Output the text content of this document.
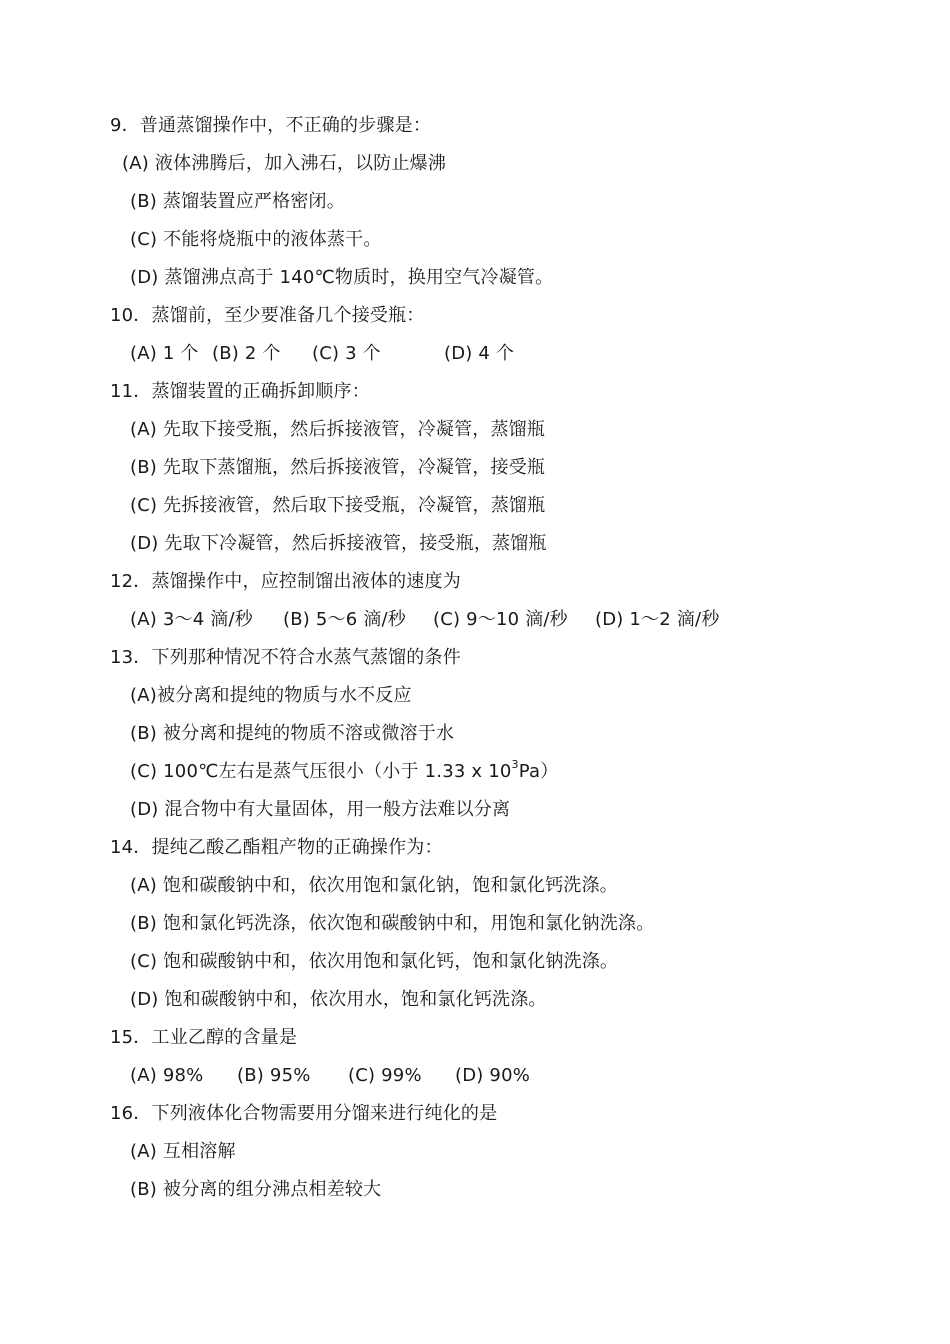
9．普通蒸馏操作中，不正确的步骤是：
(A) 液体沸腾后，加入沸石，以防止爆沸
(B) 蒸馏装置应严格密闭。
(C) 不能将烧瓶中的液体蒸干。
(D) 蒸馏沸点高于 140℃物质时，换用空气冷凝管。
10．蒸馏前，至少要准备几个接受瓶：
(A) 1 个 (B) 2 个 (C) 3 个	(D) 4 个
11．蒸馏装置的正确拆卸顺序：
(A) 先取下接受瓶，然后拆接液管，冷凝管，蒸馏瓶
(B) 先取下蒸馏瓶，然后拆接液管，冷凝管，接受瓶
(C) 先拆接液管，然后取下接受瓶，冷凝管，蒸馏瓶
(D) 先取下冷凝管，然后拆接液管，接受瓶，蒸馏瓶
12．蒸馏操作中，应控制馏出液体的速度为
(A) 3～4 滴/秒 (B) 5～6 滴/秒 (C) 9～10 滴/秒 (D) 1～2 滴/秒
13．下列那种情况不符合水蒸气蒸馏的条件
(A)被分离和提纯的物质与水不反应
(B) 被分离和提纯的物质不溶或微溶于水
(C) 100℃左右是蒸气压很小（小于 1.33 x $10^3Pa$）
(D) 混合物中有大量固体，用一般方法难以分离
14．提纯乙酸乙酯粗产物的正确操作为：
(A) 饱和碳酸钠中和，依次用饱和氯化钠，饱和氯化钙洗涤。
(B) 饱和氯化钙洗涤，依次饱和碳酸钠中和，用饱和氯化钠洗涤。
(C) 饱和碳酸钠中和，依次用饱和氯化钙，饱和氯化钠洗涤。
(D) 饱和碳酸钠中和，依次用水，饱和氯化钙洗涤。
15．工业乙醇的含量是
(A) 98% (B) 95% (C) 99% (D) 90%
16．下列液体化合物需要用分馏来进行纯化的是
(A) 互相溶解
(B) 被分离的组分沸点相差较大
